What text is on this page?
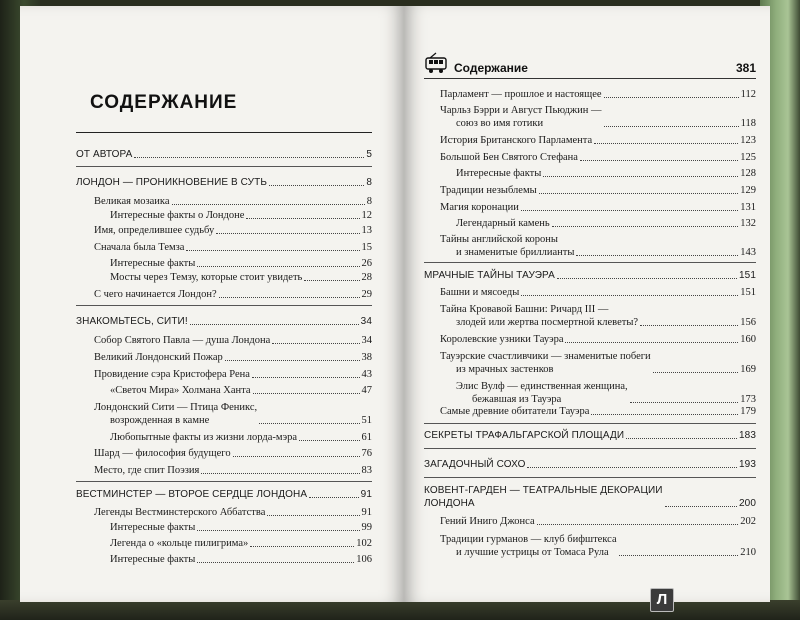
СОДЕРЖАНИЕ
Содержание	381
ОТ АВТОРА	5
ЛОНДОН — ПРОНИКНОВЕНИЕ В СУТЬ	8
Великая мозаика	8
Интересные факты о Лондоне	12
Имя, определившее судьбу	13
Сначала была Темза	15
Интересные факты	26
Мосты через Темзу, которые стоит увидеть	28
С чего начинается Лондон?	29
ЗНАКОМЬТЕСЬ, СИТИ!	34
Собор Святого Павла — душа Лондона	34
Великий Лондонский Пожар	38
Провидение сэра Кристофера Рена	43
«Светоч Мира» Холмана Ханта	47
Лондонский Сити — Птица Феникс,
возрожденная в камне	51
Любопытные факты из жизни лорда-мэра	61
Шард — философия будущего	76
Место, где спит Поэзия	83
ВЕСТМИНСТЕР — ВТОРОЕ СЕРДЦЕ ЛОНДОНА	91
Легенды Вестминстерского Аббатства	91
Интересные факты	99
Легенда о «кольце пилигрима»	102
Интересные факты	106
Парламент — прошлое и настоящее	112
Чарльз Бэрри и Август Пьюджин —
союз во имя готики	118
История Британского Парламента	123
Большой Бен Святого Стефана	125
Интересные факты	128
Традиции незыблемы	129
Магия коронации	131
Легендарный камень	132
Тайны английской короны
и знаменитые бриллианты	143
МРАЧНЫЕ ТАЙНЫ ТАУЭРА	151
Башни и мясоеды	151
Тайна Кровавой Башни: Ричард III —
злодей или жертва посмертной клеветы?	156
Королевские узники Тауэра	160
Тауэрские счастливчики — знаменитые побеги
из мрачных застенков	169
Элис Вулф — единственная женщина,
бежавшая из Тауэра	173
Самые древние обитатели Тауэра	179
СЕКРЕТЫ ТРАФАЛЬГАРСКОЙ ПЛОЩАДИ	183
ЗАГАДОЧНЫЙ СОХО	193
КОВЕНТ-ГАРДЕН — ТЕАТРАЛЬНЫЕ ДЕКОРАЦИИ
ЛОНДОНА	200
Гений Иниго Джонса	202
Традиции гурманов — клуб бифштекса
и лучшие устрицы от Томаса Рула	210
Л
